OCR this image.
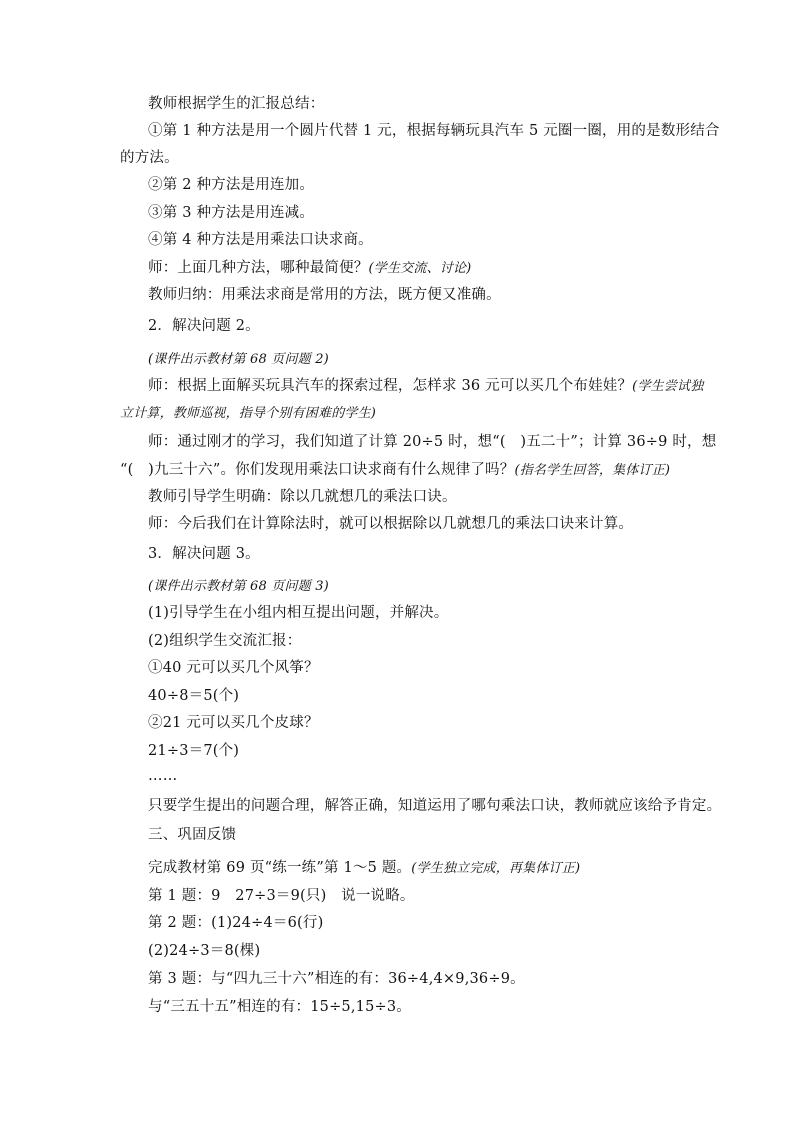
教师根据学生的汇报总结：
①第 1 种方法是用一个圆片代替 1 元，根据每辆玩具汽车 5 元圈一圈，用的是数形结合
的方法。
②第 2 种方法是用连加。
③第 3 种方法是用连减。
④第 4 种方法是用乘法口诀求商。
师：上面几种方法，哪种最简便？(学生交流、讨论)
教师归纳：用乘法求商是常用的方法，既方便又准确。
2．解决问题 2。
(课件出示教材第 68 页问题 2)
师：根据上面解买玩具汽车的探索过程，怎样求 36 元可以买几个布娃娃？(学生尝试独
立计算，教师巡视，指导个别有困难的学生)
师：通过刚才的学习，我们知道了计算 20÷5 时，想“(　)五二十”；计算 36÷9 时，想
“(　)九三十六”。你们发现用乘法口诀求商有什么规律了吗？(指名学生回答，集体订正)
教师引导学生明确：除以几就想几的乘法口诀。
师：今后我们在计算除法时，就可以根据除以几就想几的乘法口诀来计算。
3．解决问题 3。
(课件出示教材第 68 页问题 3)
(1)引导学生在小组内相互提出问题，并解决。
(2)组织学生交流汇报：
①40 元可以买几个风筝？
40÷8＝5(个)
②21 元可以买几个皮球？
21÷3＝7(个)
……
只要学生提出的问题合理，解答正确，知道运用了哪句乘法口诀，教师就应该给予肯定。
三、巩固反馈
完成教材第 69 页“练一练”第 1～5 题。(学生独立完成，再集体订正)
第 1 题：9　27÷3＝9(只)　说一说略。
第 2 题：(1)24÷4＝6(行)
(2)24÷3＝8(棵)
第 3 题：与“四九三十六”相连的有：36÷4,4×9,36÷9。
与“三五十五”相连的有：15÷5,15÷3。
